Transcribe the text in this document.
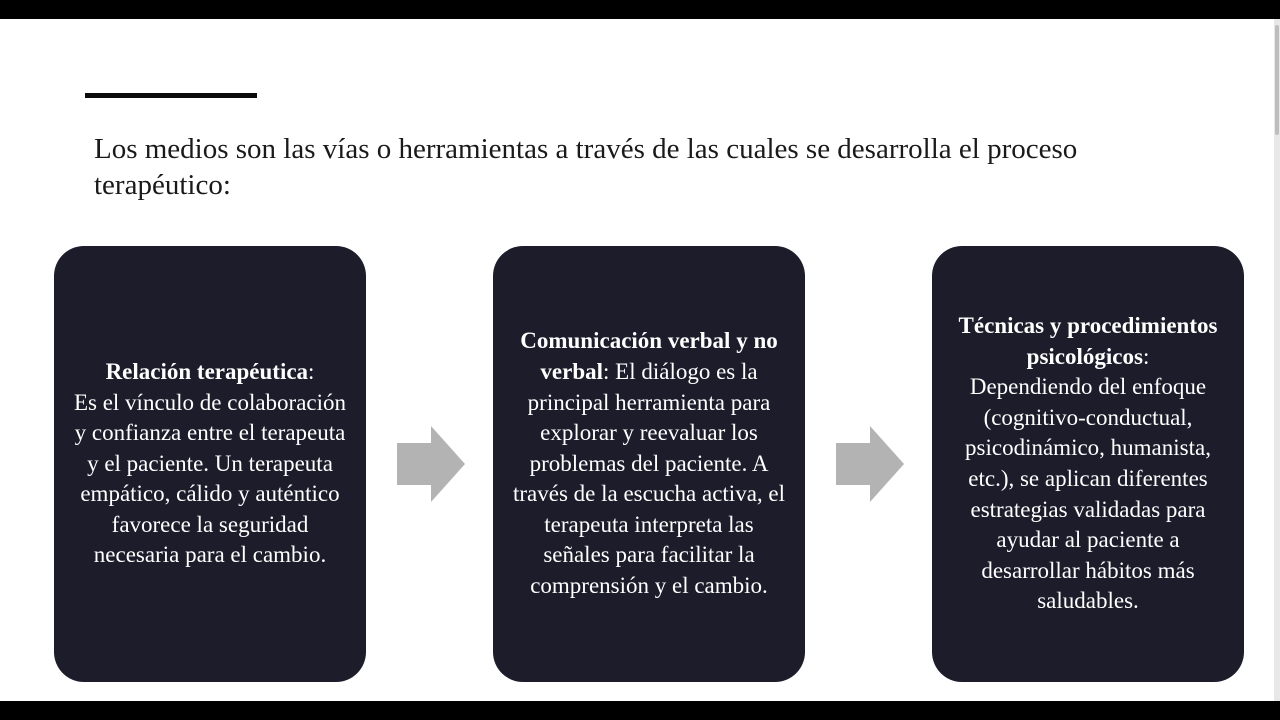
Los medios son las vías o herramientas a través de las cuales se desarrolla el proceso terapéutico:

Relación terapéutica:
Es el vínculo de colaboración y confianza entre el terapeuta y el paciente. Un terapeuta empático, cálido y auténtico favorece la seguridad necesaria para el cambio.

Comunicación verbal y no verbal: El diálogo es la principal herramienta para explorar y reevaluar los problemas del paciente. A través de la escucha activa, el terapeuta interpreta las señales para facilitar la comprensión y el cambio.

Técnicas y procedimientos psicológicos:
Dependiendo del enfoque (cognitivo-conductual, psicodinámico, humanista, etc.), se aplican diferentes estrategias validadas para ayudar al paciente a desarrollar hábitos más saludables.
